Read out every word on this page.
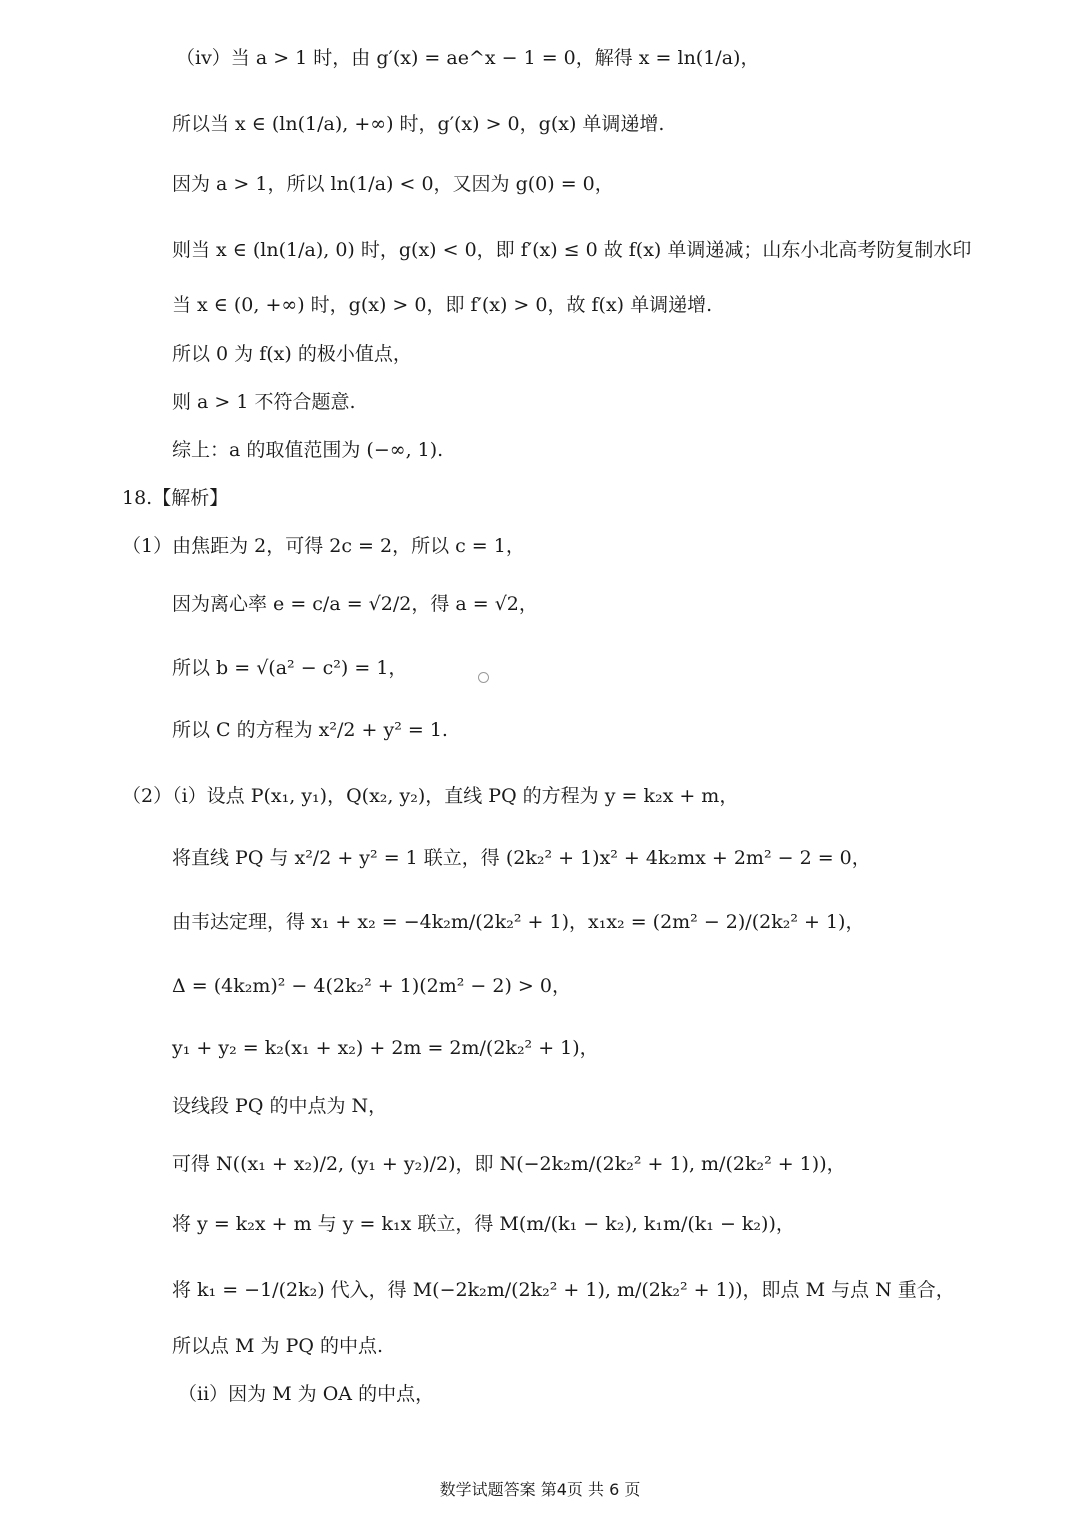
（iv）当 a > 1 时，由 g′(x) = ae^x − 1 = 0，解得 x = ln(1/a)，
所以当 x ∈ (ln(1/a), +∞) 时，g′(x) > 0，g(x) 单调递增.
因为 a > 1，所以 ln(1/a) < 0，又因为 g(0) = 0，
则当 x ∈ (ln(1/a), 0) 时，g(x) < 0，即 f′(x) ≤ 0 故 f(x) 单调递减；山东小北高考防复制水印
当 x ∈ (0, +∞) 时，g(x) > 0，即 f′(x) > 0，故 f(x) 单调递增.
所以 0 为 f(x) 的极小值点，
则 a > 1 不符合题意.
综上：a 的取值范围为 (−∞, 1).
18.【解析】
（1）由焦距为 2，可得 2c = 2，所以 c = 1，
因为离心率 e = c/a = √2/2，得 a = √2，
所以 b = √(a² − c²) = 1，
所以 C 的方程为 x²/2 + y² = 1.
（2）（i）设点 P(x₁, y₁)，Q(x₂, y₂)，直线 PQ 的方程为 y = k₂x + m，
将直线 PQ 与 x²/2 + y² = 1 联立，得 (2k₂² + 1)x² + 4k₂mx + 2m² − 2 = 0，
由韦达定理，得 x₁ + x₂ = −4k₂m/(2k₂² + 1)，x₁x₂ = (2m² − 2)/(2k₂² + 1)，
Δ = (4k₂m)² − 4(2k₂² + 1)(2m² − 2) > 0，
y₁ + y₂ = k₂(x₁ + x₂) + 2m = 2m/(2k₂² + 1)，
设线段 PQ 的中点为 N，
可得 N((x₁ + x₂)/2, (y₁ + y₂)/2)，即 N(−2k₂m/(2k₂² + 1), m/(2k₂² + 1))，
将 y = k₂x + m 与 y = k₁x 联立，得 M(m/(k₁ − k₂), k₁m/(k₁ − k₂))，
将 k₁ = −1/(2k₂) 代入，得 M(−2k₂m/(2k₂² + 1), m/(2k₂² + 1))，即点 M 与点 N 重合，
所以点 M 为 PQ 的中点.
（ii）因为 M 为 OA 的中点，
数学试题答案 第4页 共 6 页
